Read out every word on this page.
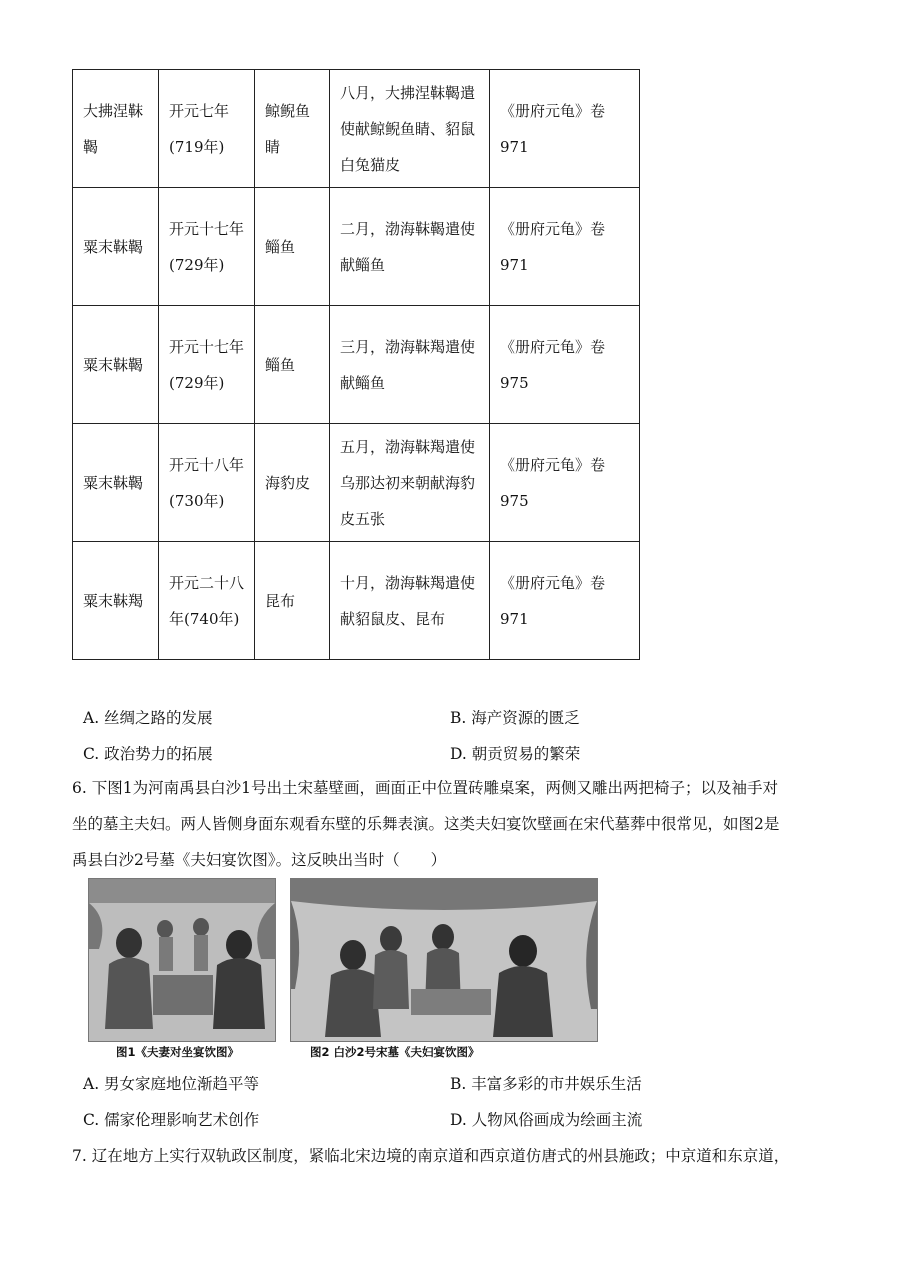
大拂涅靺鞨	开元七年(719年)	鲸鲵鱼睛	八月，大拂涅靺鞨遣使献鲸鲵鱼睛、貂鼠白兔猫皮	《册府元龟》卷971
粟末靺鞨	开元十七年(729年)	鲻鱼	二月，渤海靺鞨遣使献鲻鱼	《册府元龟》卷971
粟末靺鞨	开元十七年(729年)	鲻鱼	三月，渤海靺羯遣使献鲻鱼	《册府元龟》卷975
粟末靺鞨	开元十八年(730年)	海豹皮	五月，渤海靺羯遣使乌那达初来朝献海豹皮五张	《册府元龟》卷975
粟末靺羯	开元二十八年(740年)	昆布	十月，渤海靺羯遣使献貂鼠皮、昆布	《册府元龟》卷971
A. 丝绸之路的发展	B. 海产资源的匮乏
C. 政治势力的拓展	D. 朝贡贸易的繁荣
6. 下图1为河南禹县白沙1号出土宋墓壁画，画面正中位置砖雕桌案，两侧又雕出两把椅子；以及袖手对
坐的墓主夫妇。两人皆侧身面东观看东壁的乐舞表演。这类夫妇宴饮壁画在宋代墓葬中很常见，如图2是
禹县白沙2号墓《夫妇宴饮图》。这反映出当时（　　）
图1《夫妻对坐宴饮图》	图2 白沙2号宋墓《夫妇宴饮图》
A. 男女家庭地位渐趋平等	B. 丰富多彩的市井娱乐生活
C. 儒家伦理影响艺术创作	D. 人物风俗画成为绘画主流
7. 辽在地方上实行双轨政区制度，紧临北宋边境的南京道和西京道仿唐式的州县施政；中京道和东京道，
